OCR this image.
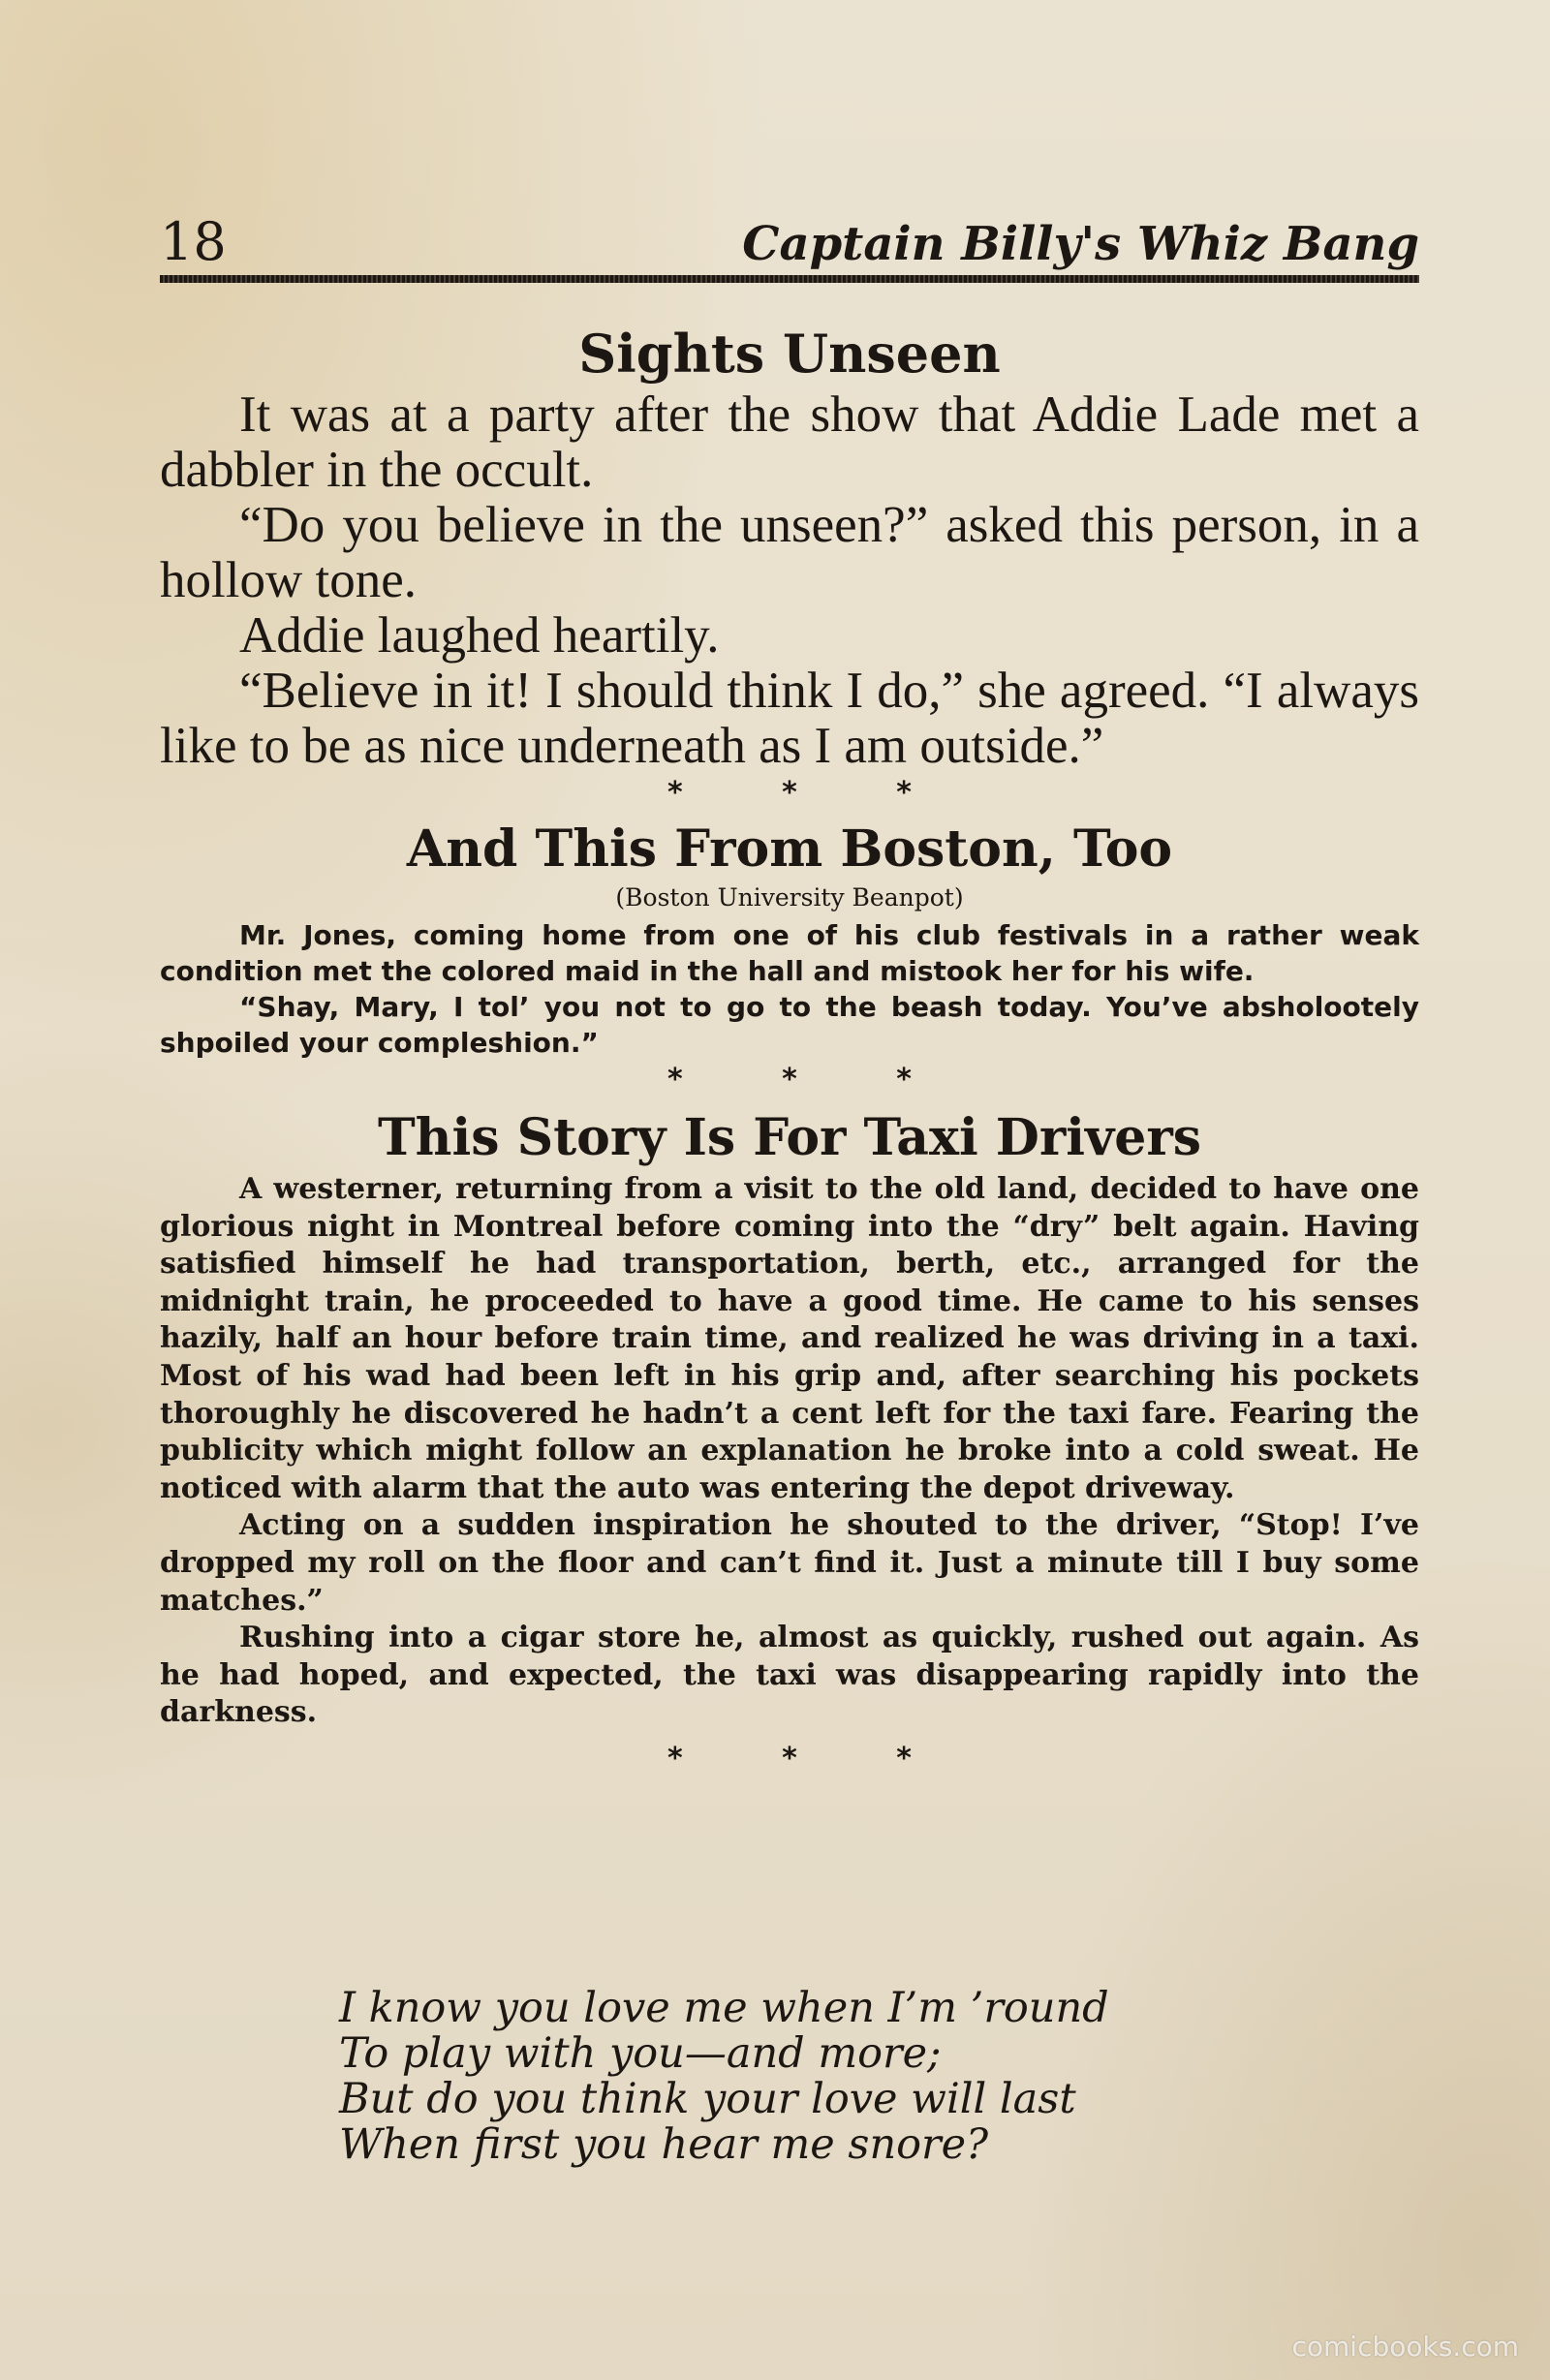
18	Captain Billy's Whiz Bang
Sights Unseen

It was at a party after the show that Addie Lade met a dabbler in the occult.

“Do you believe in the unseen?” asked this person, in a hollow tone.

Addie laughed heartily.

“Believe in it! I should think I do,” she agreed. “I always like to be as nice underneath as I am outside.”

* * *
And This From Boston, Too
(Boston University Beanpot)

Mr. Jones, coming home from one of his club festivals in a rather weak condition met the colored maid in the hall and mistook her for his wife.

“Shay, Mary, I tol’ you not to go to the beash today. You’ve absholootely shpoiled your compleshion.”

* * *
This Story Is For Taxi Drivers

A westerner, returning from a visit to the old land, decided to have one glorious night in Montreal before coming into the “dry” belt again. Having satisfied himself he had transportation, berth, etc., arranged for the midnight train, he proceeded to have a good time. He came to his senses hazily, half an hour before train time, and realized he was driving in a taxi. Most of his wad had been left in his grip and, after searching his pockets thoroughly he discovered he hadn’t a cent left for the taxi fare. Fearing the publicity which might follow an explanation he broke into a cold sweat. He noticed with alarm that the auto was entering the depot driveway.

Acting on a sudden inspiration he shouted to the driver, “Stop! I’ve dropped my roll on the floor and can’t find it. Just a minute till I buy some matches.”

Rushing into a cigar store he, almost as quickly, rushed out again. As he had hoped, and expected, the taxi was disappearing rapidly into the darkness.

* * *
I know you love me when I’m ’round
To play with you—and more;
But do you think your love will last
When first you hear me snore?
comicbooks.com
